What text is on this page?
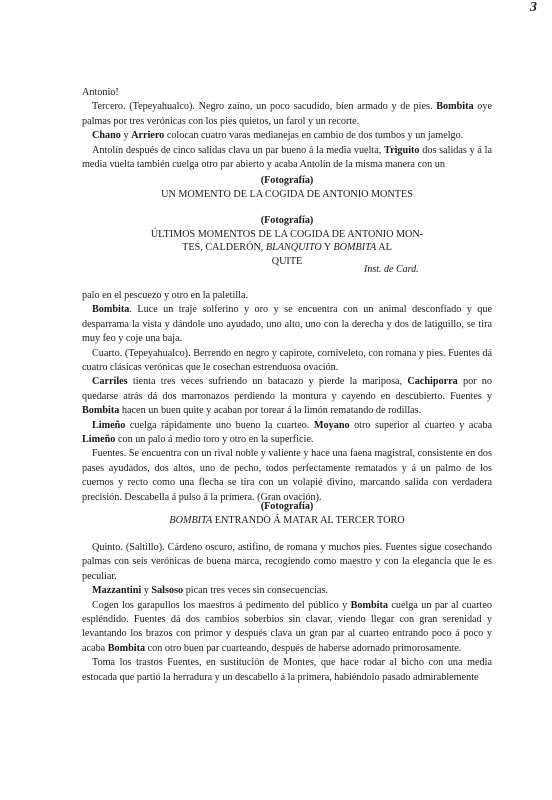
3

Antonio!

Tercero. (Tepeyahualco). Negro zaíno, un poco sacudido, bien armado y de pies. Bombita oye palmas por tres verónicas con los pies quietos, un farol y un recorte.

Chano y Arriero colocan cuatro varas medianejas en cambio de dos tumbos y un jamelgo.

Antolín después de cinco salidas clava un par bueno á la media vuelta, Triguito dos salidas y á la media vuelta también cuelga otro par abierto y acaba Antolín de la misma manera con un

(Fotografía)
UN MOMENTO DE LA COGIDA DE ANTONIO MONTES
(Fotografía)
ÚLTIMOS MOMENTOS DE LA COGIDA DE ANTONIO MON-
TES, CALDERÓN, BLANQUITO Y BOMBITA AL
QUITE
Inst. de Card.

palo en el pescuezo y otro en la paletilla.

Bombita. Luce un traje solferino y oro y se encuentra con un animal desconfiado y que desparrama la vista y dándole uno ayudado, uno alto, uno con la derecha y dos de latiguillo, se tira muy feo y coje una baja.

Cuarto. (Tepeyahualco). Berrendo en negro y capirote, corniveleto, con romana y pies. Fuentes dá cuatro clásicas verónicas que le cosechan estrenduosa ovación.

Carriles tienta tres veces sufriendo un batacazo y pierde la mariposa, Cachiporra por no quedarse atrás dá dos marronazos perdiendo la montura y cayendo en descubierto. Fuentes y Bombita hacen un buen quite y acaban por torear á la limón rematando de rodillas.

Limeño cuelga rápidamente uno bueno la cuarteo. Moyano otro superior al cuarteo y acaba Limeño con un palo á medio toro y otro en la superficie.

Fuentes. Se encuentra con un rival noble y valiente y hace una faena magistral, consistente en dos pases ayudados, dos altos, uno de pecho, todos perfectamente rematados y á un palmo de los cuernos y recto como una flecha se tira con un volapié divino, marcando salida con verdadera precisión. Descabella á pulso á la primera. (Gran ovación).

(Fotografía)
BOMBITA ENTRANDO Á MATAR AL TERCER TORO

Quinto. (Saltillo). Cárdeno oscuro, astifino, de romana y muchos pies. Fuentes sigue cosechando palmas con seis verónicas de buena marca, recogiendo como maestro y con la elegancia que le es peculiar.

Mazzantini y Salsoso pican tres veces sin consecuencias.

Cogen los garapullos los maestros á pedimento del público y Bombita cuelga un par al cuarteo espléndido. Fuentes dá dos cambios soberbios sin clavar, viendo llegar con gran serenidad y levantando los brazos con primor y después clava un gran par al cuarteo entrando poco á poco y acaba Bombita con otro buen par cuarteando, después de haberse adornado primorosamente.

Toma los trastos Fuentes, en sustitución de Montes, que hace rodar al bicho con una media estocada que partió la herradura y un descabello á la primera, habiéndolo pasado admirablemente
